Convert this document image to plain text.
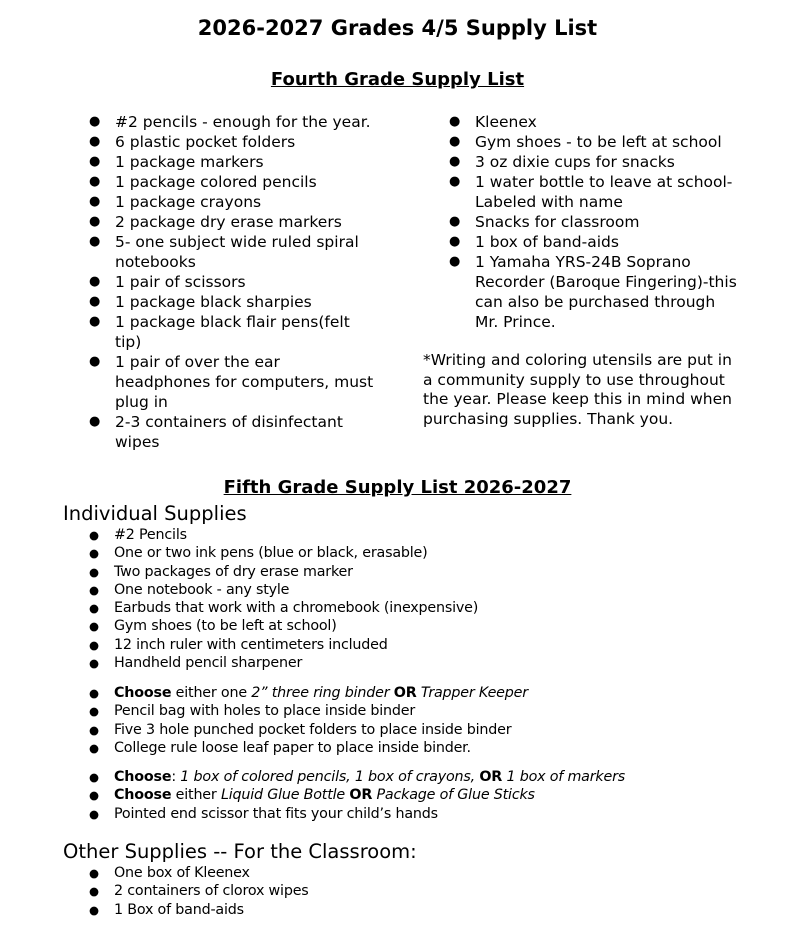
2026-2027 Grades 4/5 Supply List
Fourth Grade Supply List
● #2 pencils - enough for the year.
● 6 plastic pocket folders
● 1 package markers
● 1 package colored pencils
● 1 package crayons
● 2 package dry erase markers
● 5- one subject wide ruled spiral notebooks
● 1 pair of scissors
● 1 package black sharpies
● 1 package black flair pens(felt tip)
● 1 pair of over the ear headphones for computers, must plug in
● 2-3 containers of disinfectant wipes
● Kleenex
● Gym shoes - to be left at school
● 3 oz dixie cups for snacks
● 1 water bottle to leave at school-Labeled with name
● Snacks for classroom
● 1 box of band-aids
● 1 Yamaha YRS-24B Soprano Recorder (Baroque Fingering)-this can also be purchased through Mr. Prince.

*Writing and coloring utensils are put in a community supply to use throughout the year. Please keep this in mind when purchasing supplies. Thank you.

Fifth Grade Supply List 2026-2027
Individual Supplies
● #2 Pencils
● One or two ink pens (blue or black, erasable)
● Two packages of dry erase marker
● One notebook - any style
● Earbuds that work with a chromebook (inexpensive)
● Gym shoes (to be left at school)
● 12 inch ruler with centimeters included
● Handheld pencil sharpener
● Choose either one 2” three ring binder OR Trapper Keeper
● Pencil bag with holes to place inside binder
● Five 3 hole punched pocket folders to place inside binder
● College rule loose leaf paper to place inside binder.
● Choose: 1 box of colored pencils, 1 box of crayons, OR 1 box of markers
● Choose either Liquid Glue Bottle OR Package of Glue Sticks
● Pointed end scissor that fits your child’s hands
Other Supplies -- For the Classroom:
● One box of Kleenex
● 2 containers of clorox wipes
● 1 Box of band-aids
